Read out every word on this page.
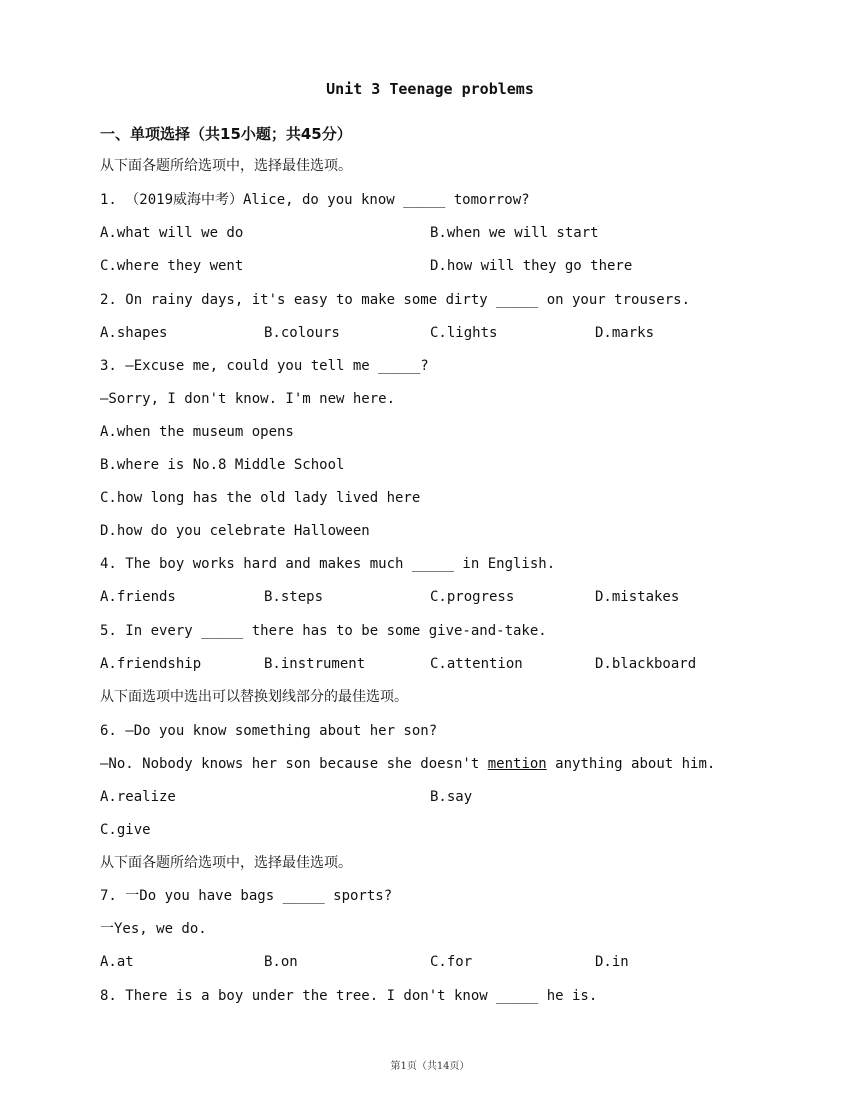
Unit 3 Teenage problems
一、单项选择（共15小题；共45分）
从下面各题所给选项中，选择最佳选项。
1. （2019威海中考）Alice, do you know _____ tomorrow?
A.what will we do	B.when we will start
C.where they went	D.how will they go there
2. On rainy days, it's easy to make some dirty _____ on your trousers.
A.shapes	B.colours	C.lights	D.marks
3. —Excuse me, could you tell me _____?
—Sorry, I don't know. I'm new here.
A.when the museum opens
B.where is No.8 Middle School
C.how long has the old lady lived here
D.how do you celebrate Halloween
4. The boy works hard and makes much _____ in English.
A.friends	B.steps	C.progress	D.mistakes
5. In every _____ there has to be some give-and-take.
A.friendship	B.instrument	C.attention	D.blackboard
从下面选项中选出可以替换划线部分的最佳选项。
6. —Do you know something about her son?
—No. Nobody knows her son because she doesn't mention anything about him.
A.realize	B.say
C.give
从下面各题所给选项中，选择最佳选项。
7. 一Do you have bags _____ sports?
一Yes, we do.
A.at	B.on	C.for	D.in
8. There is a boy under the tree. I don't know _____ he is.
第1页（共14页）
